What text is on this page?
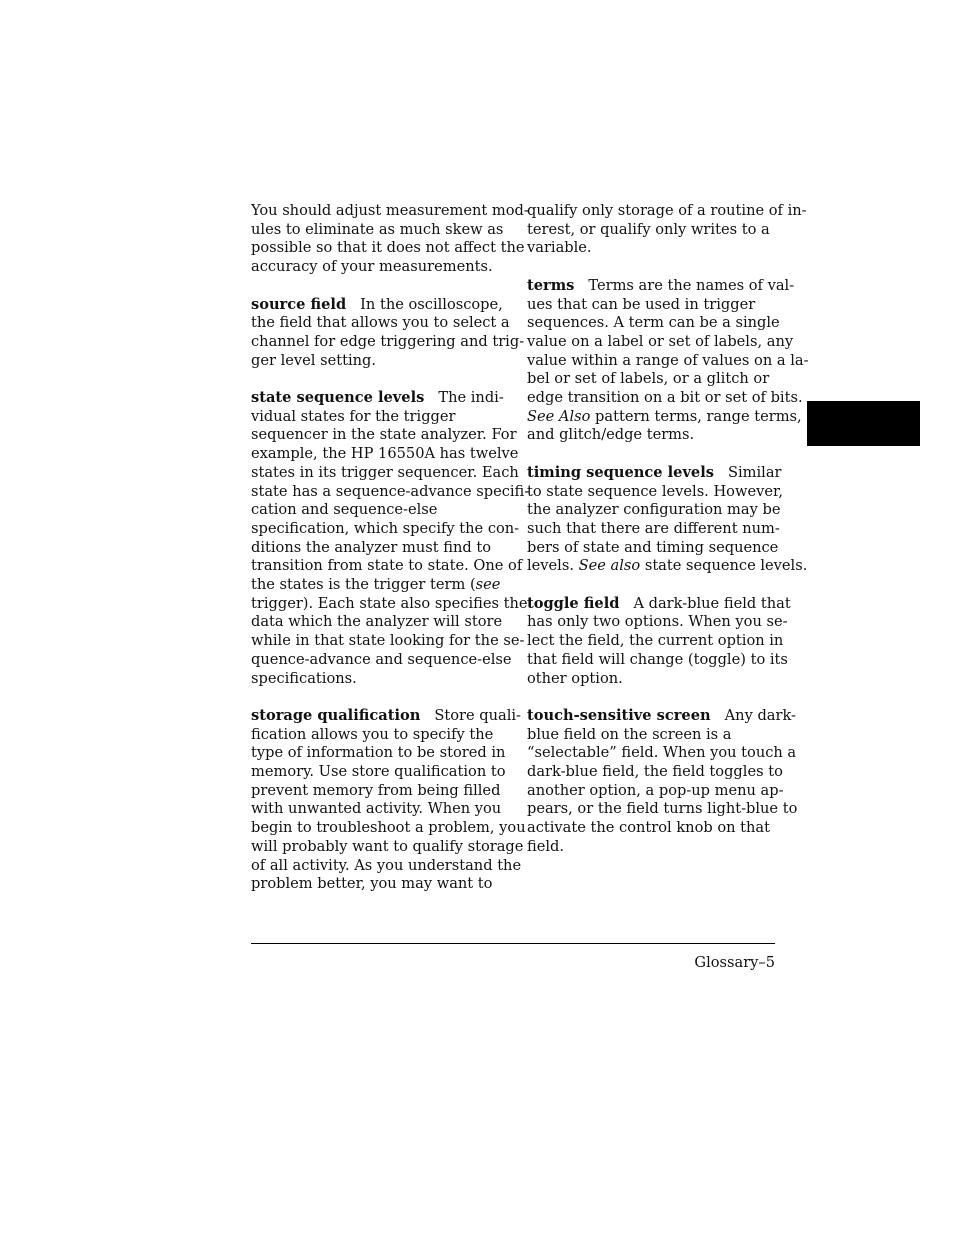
You should adjust measurement mod-
ules to eliminate as much skew as
possible so that it does not affect the
accuracy of your measurements.

source field In the oscilloscope,
the field that allows you to select a
channel for edge triggering and trig-
ger level setting.

state sequence levels The indi-
vidual states for the trigger
sequencer in the state analyzer. For
example, the HP 16550A has twelve
states in its trigger sequencer. Each
state has a sequence-advance specifi-
cation and sequence-else
specification, which specify the con-
ditions the analyzer must find to
transition from state to state. One of
the states is the trigger term (see
trigger). Each state also specifies the
data which the analyzer will store
while in that state looking for the se-
quence-advance and sequence-else
specifications.

storage qualification Store quali-
fication allows you to specify the
type of information to be stored in
memory. Use store qualification to
prevent memory from being filled
with unwanted activity. When you
begin to troubleshoot a problem, you
will probably want to qualify storage
of all activity. As you understand the
problem better, you may want to

qualify only storage of a routine of in-
terest, or qualify only writes to a
variable.

terms Terms are the names of val-
ues that can be used in trigger
sequences. A term can be a single
value on a label or set of labels, any
value within a range of values on a la-
bel or set of labels, or a glitch or
edge transition on a bit or set of bits.
See Also pattern terms, range terms,
and glitch/edge terms.

timing sequence levels Similar
to state sequence levels. However,
the analyzer configuration may be
such that there are different num-
bers of state and timing sequence
levels. See also state sequence levels.

toggle field A dark-blue field that
has only two options. When you se-
lect the field, the current option in
that field will change (toggle) to its
other option.

touch-sensitive screen Any dark-
blue field on the screen is a
“selectable” field. When you touch a
dark-blue field, the field toggles to
another option, a pop-up menu ap-
pears, or the field turns light-blue to
activate the control knob on that
field.

Glossary–5
